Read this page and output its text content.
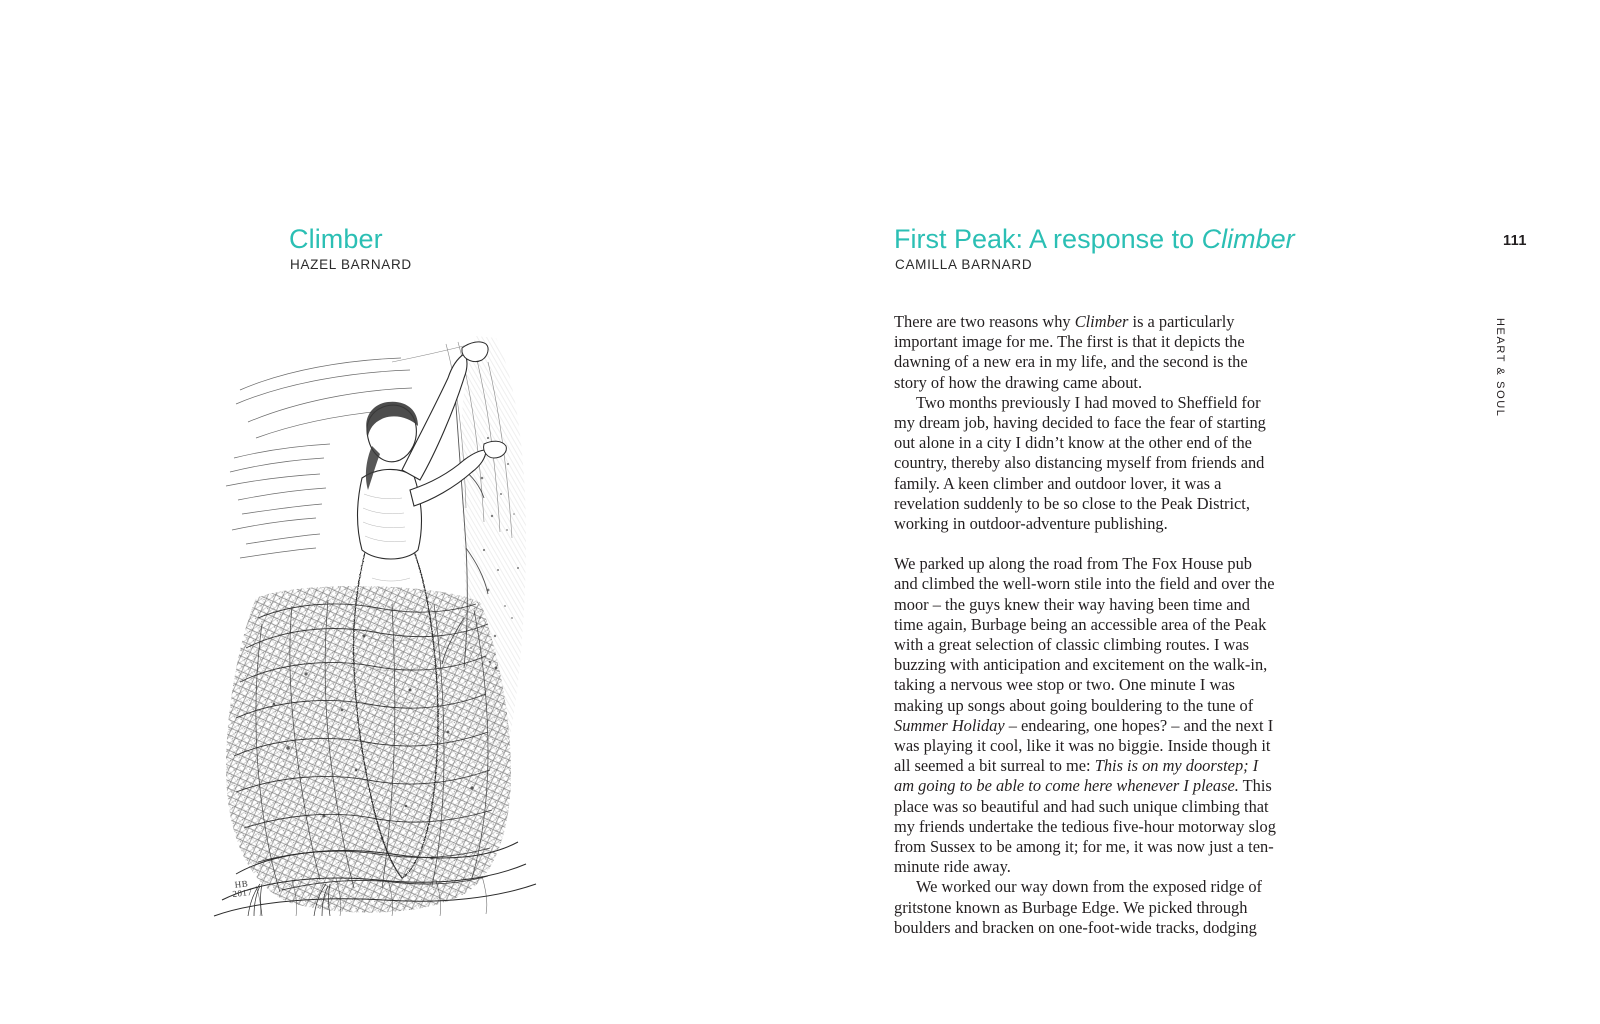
Climber
HAZEL BARNARD
HB
2017
First Peak: A response to Climber
CAMILLA BARNARD

There are two reasons why Climber is a particularly important image for me. The first is that it depicts the dawning of a new era in my life, and the second is the story of how the drawing came about.

Two months previously I had moved to Sheffield for my dream job, having decided to face the fear of starting out alone in a city I didn’t know at the other end of the country, thereby also distancing myself from friends and family. A keen climber and outdoor lover, it was a revelation suddenly to be so close to the Peak District, working in outdoor-adventure publishing.

We parked up along the road from The Fox House pub and climbed the well-worn stile into the field and over the moor – the guys knew their way having been time and time again, Burbage being an accessible area of the Peak with a great selection of classic climbing routes. I was buzzing with anticipation and excitement on the walk-in, taking a nervous wee stop or two. One minute I was making up songs about going bouldering to the tune of Summer Holiday – endearing, one hopes? – and the next I was playing it cool, like it was no biggie. Inside though it all seemed a bit surreal to me: This is on my doorstep; I am going to be able to come here whenever I please. This place was so beautiful and had such unique climbing that my friends undertake the tedious five-hour motorway slog from Sussex to be among it; for me, it was now just a ten-minute ride away.

We worked our way down from the exposed ridge of gritstone known as Burbage Edge. We picked through boulders and bracken on one-foot-wide tracks, dodging

111
HEART & SOUL
